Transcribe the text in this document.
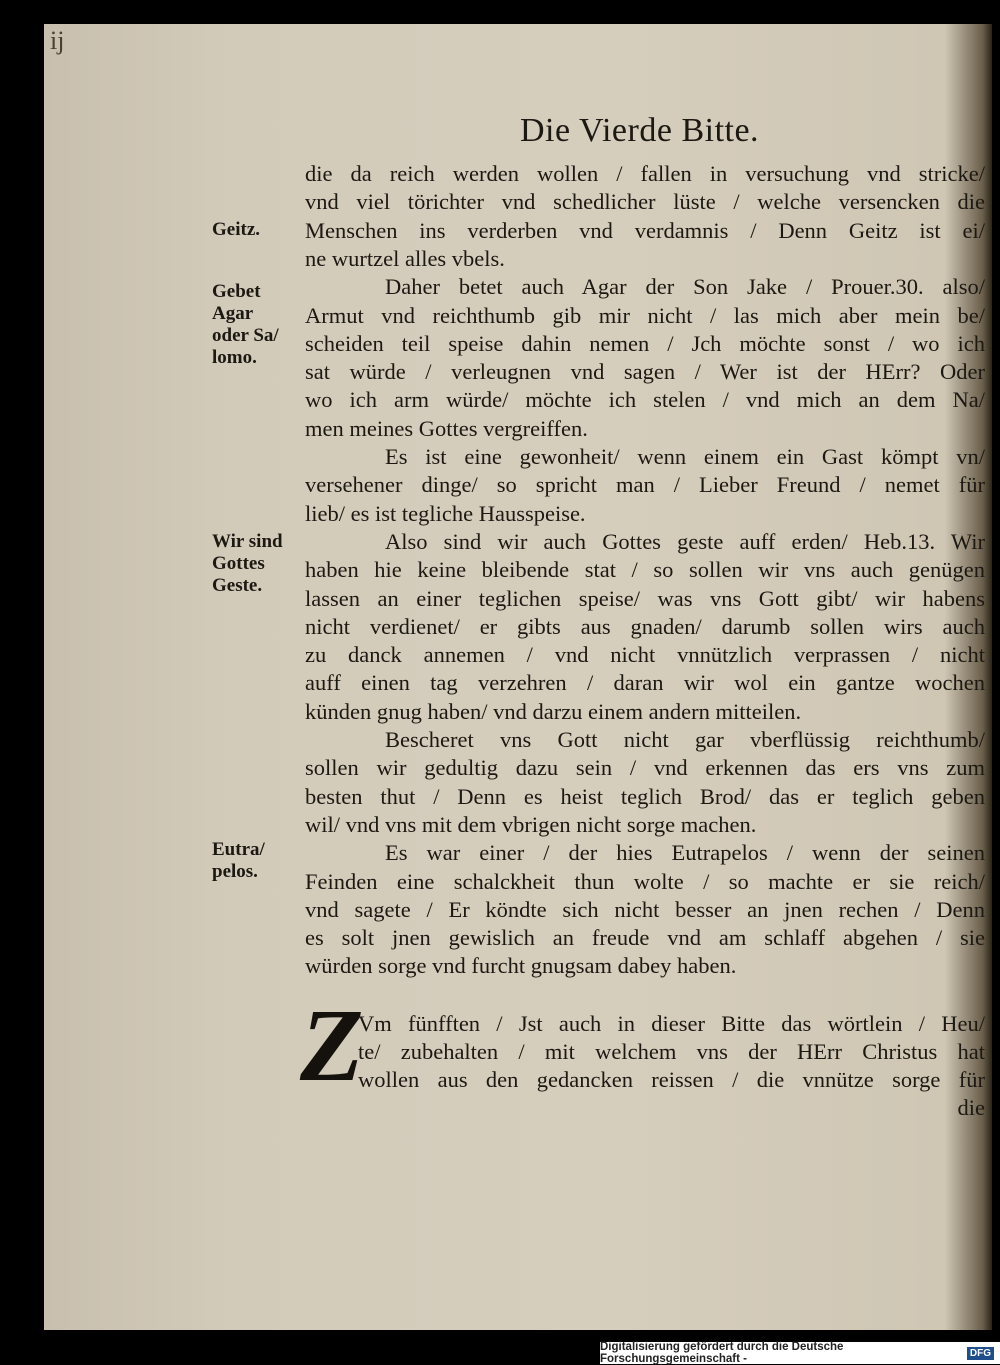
ij
Die Vierde Bitte.
die da reich werden wollen / fallen in versuchung vnd stricke/
vnd viel törichter vnd schedlicher lüste / welche versencken die
Menschen ins verderben vnd verdamnis / Denn Geitz ist ei/
ne wurtzel alles vbels.
Daher betet auch Agar der Son Jake / Prouer.30. also/
Armut vnd reichthumb gib mir nicht / las mich aber mein be/
scheiden teil speise dahin nemen / Jch möchte sonst / wo ich
sat würde / verleugnen vnd sagen / Wer ist der HErr? Oder
wo ich arm würde/ möchte ich stelen / vnd mich an dem Na/
men meines Gottes vergreiffen.
Es ist eine gewonheit/ wenn einem ein Gast kömpt vn/
versehener dinge/ so spricht man / Lieber Freund / nemet für
lieb/ es ist tegliche Hausspeise.
Also sind wir auch Gottes geste auff erden/ Heb.13. Wir
haben hie keine bleibende stat / so sollen wir vns auch genügen
lassen an einer teglichen speise/ was vns Gott gibt/ wir habens
nicht verdienet/ er gibts aus gnaden/ darumb sollen wirs auch
zu danck annemen / vnd nicht vnnützlich verprassen / nicht
auff einen tag verzehren / daran wir wol ein gantze wochen
künden gnug haben/ vnd darzu einem andern mitteilen.
Bescheret vns Gott nicht gar vberflüssig reichthumb/
sollen wir gedultig dazu sein / vnd erkennen das ers vns zum
besten thut / Denn es heist teglich Brod/ das er teglich geben
wil/ vnd vns mit dem vbrigen nicht sorge machen.
Es war einer / der hies Eutrapelos / wenn der seinen
Feinden eine schalckheit thun wolte / so machte er sie reich/
vnd sagete / Er köndte sich nicht besser an jnen rechen / Denn
es solt jnen gewislich an freude vnd am schlaff abgehen / sie
würden sorge vnd furcht gnugsam dabey haben.
Geitz.
Gebet
Agar
oder Sa/
lomo.
Wir sind
Gottes
Geste.
Eutra/
pelos.
Z
Vm fünfften / Jst auch in dieser Bitte das wörtlein / Heu/
te/ zubehalten / mit welchem vns der HErr Christus hat
wollen aus den gedancken reissen / die vnnütze sorge für
die
Digitalisierung gefördert durch die Deutsche Forschungsgemeinschaft -	DFG
